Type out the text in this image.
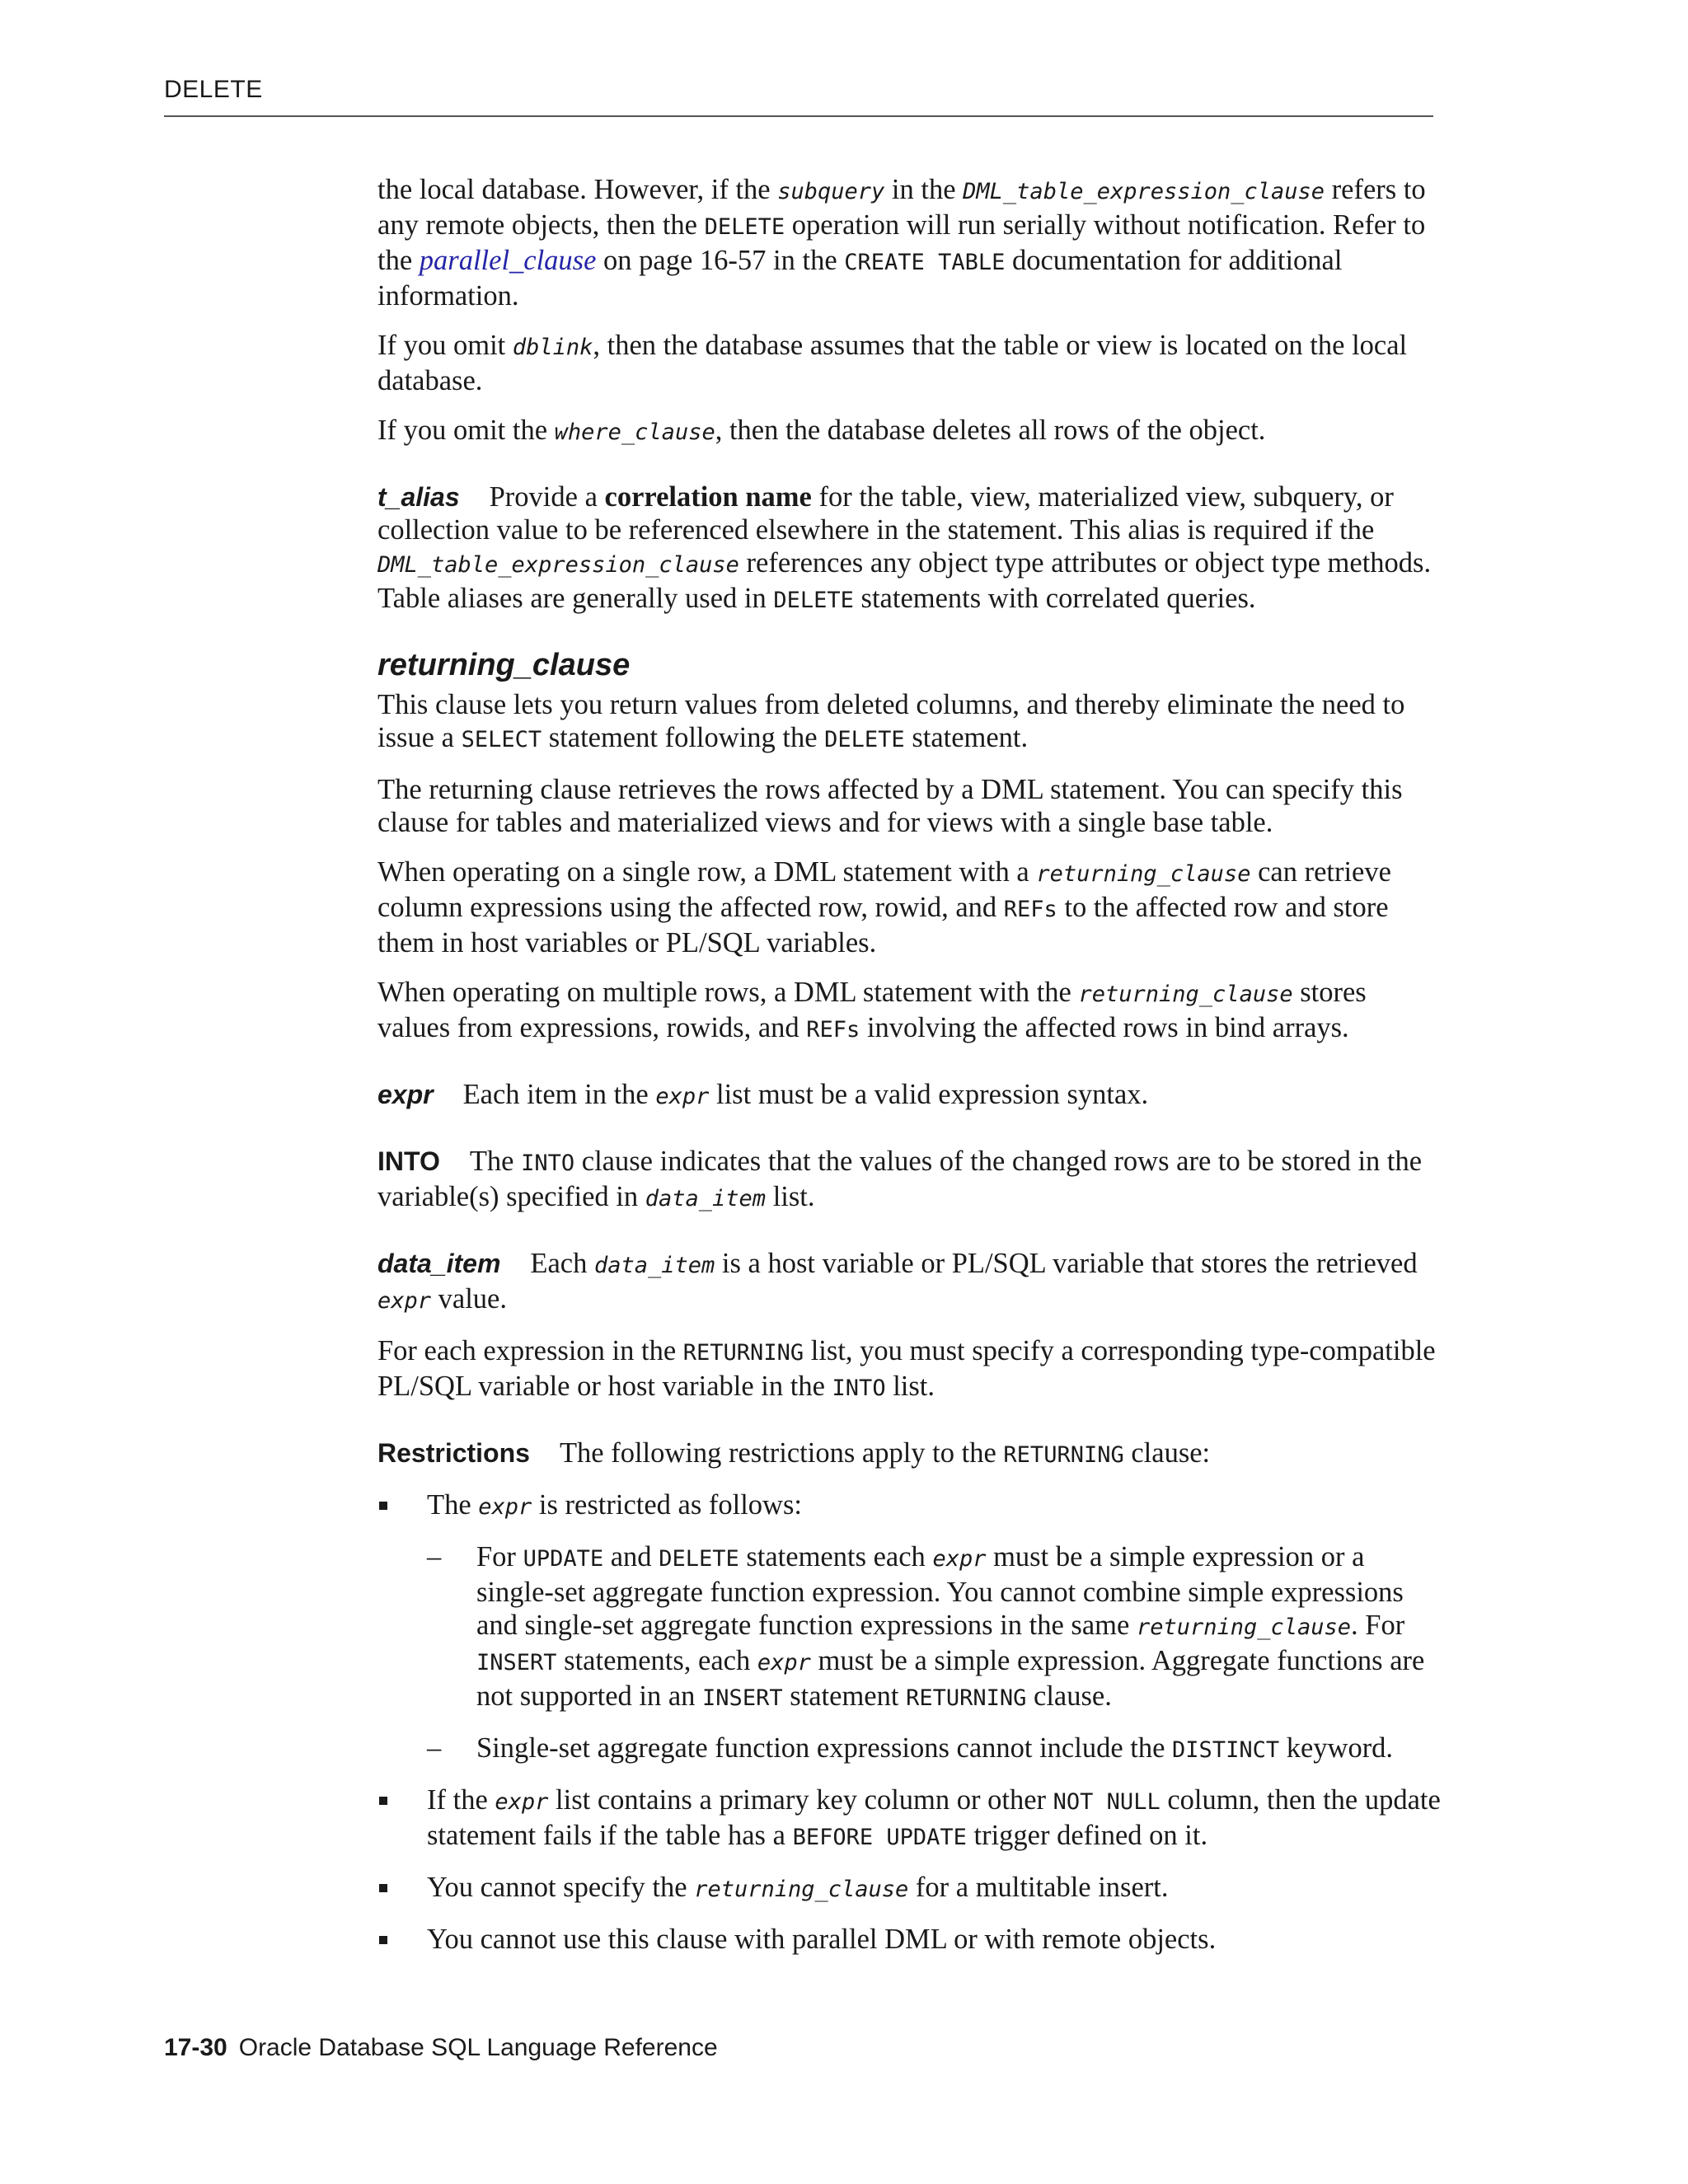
DELETE

the local database. However, if the subquery in the DML_table_expression_clause refers to any remote objects, then the DELETE operation will run serially without notification. Refer to the parallel_clause on page 16-57 in the CREATE TABLE documentation for additional information.

If you omit dblink, then the database assumes that the table or view is located on the local database.

If you omit the where_clause, then the database deletes all rows of the object.

t_alias Provide a correlation name for the table, view, materialized view, subquery, or collection value to be referenced elsewhere in the statement. This alias is required if the DML_table_expression_clause references any object type attributes or object type methods. Table aliases are generally used in DELETE statements with correlated queries.

returning_clause

This clause lets you return values from deleted columns, and thereby eliminate the need to issue a SELECT statement following the DELETE statement.

The returning clause retrieves the rows affected by a DML statement. You can specify this clause for tables and materialized views and for views with a single base table.

When operating on a single row, a DML statement with a returning_clause can retrieve column expressions using the affected row, rowid, and REFs to the affected row and store them in host variables or PL/SQL variables.

When operating on multiple rows, a DML statement with the returning_clause stores values from expressions, rowids, and REFs involving the affected rows in bind arrays.

expr Each item in the expr list must be a valid expression syntax.

INTO The INTO clause indicates that the values of the changed rows are to be stored in the variable(s) specified in data_item list.

data_item Each data_item is a host variable or PL/SQL variable that stores the retrieved expr value.

For each expression in the RETURNING list, you must specify a corresponding type-compatible PL/SQL variable or host variable in the INTO list.

Restrictions The following restrictions apply to the RETURNING clause:

The expr is restricted as follows:
– For UPDATE and DELETE statements each expr must be a simple expression or a single-set aggregate function expression. You cannot combine simple expressions and single-set aggregate function expressions in the same returning_clause. For INSERT statements, each expr must be a simple expression. Aggregate functions are not supported in an INSERT statement RETURNING clause.
– Single-set aggregate function expressions cannot include the DISTINCT keyword.
If the expr list contains a primary key column or other NOT NULL column, then the update statement fails if the table has a BEFORE UPDATE trigger defined on it.
You cannot specify the returning_clause for a multitable insert.
You cannot use this clause with parallel DML or with remote objects.
17-30 Oracle Database SQL Language Reference
